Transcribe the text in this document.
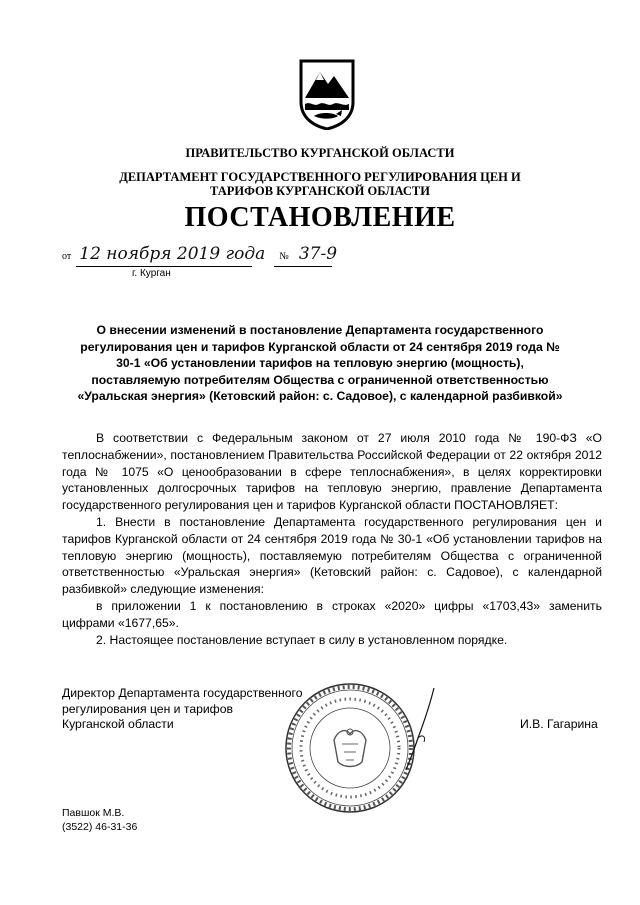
ПРАВИТЕЛЬСТВО КУРГАНСКОЙ ОБЛАСТИ
ДЕПАРТАМЕНТ ГОСУДАРСТВЕННОГО РЕГУЛИРОВАНИЯ ЦЕН И ТАРИФОВ КУРГАНСКОЙ ОБЛАСТИ
ПОСТАНОВЛЕНИЕ
от 12 ноября 2019 года № 37-9
г. Курган
О внесении изменений в постановление Департамента государственного регулирования цен и тарифов Курганской области от 24 сентября 2019 года № 30-1 «Об установлении тарифов на тепловую энергию (мощность), поставляемую потребителям Общества с ограниченной ответственностью «Уральская энергия» (Кетовский район: с. Садовое), с календарной разбивкой»

В соответствии с Федеральным законом от 27 июля 2010 года № 190-ФЗ «О теплоснабжении», постановлением Правительства Российской Федерации от 22 октября 2012 года № 1075 «О ценообразовании в сфере теплоснабжения», в целях корректировки установленных долгосрочных тарифов на тепловую энергию, правление Департамента государственного регулирования цен и тарифов Курганской области ПОСТАНОВЛЯЕТ:

1. Внести в постановление Департамента государственного регулирования цен и тарифов Курганской области от 24 сентября 2019 года № 30-1 «Об установлении тарифов на тепловую энергию (мощность), поставляемую потребителям Общества с ограниченной ответственностью «Уральская энергия» (Кетовский район: с. Садовое), с календарной разбивкой» следующие изменения:

в приложении 1 к постановлению в строках «2020» цифры «1703,43» заменить цифрами «1677,65».

2. Настоящее постановление вступает в силу в установленном порядке.

Директор Департамента государственного
регулирования цен и тарифов
Курганской области	И.В. Гагарина
Павшок М.В.
(3522) 46-31-36
